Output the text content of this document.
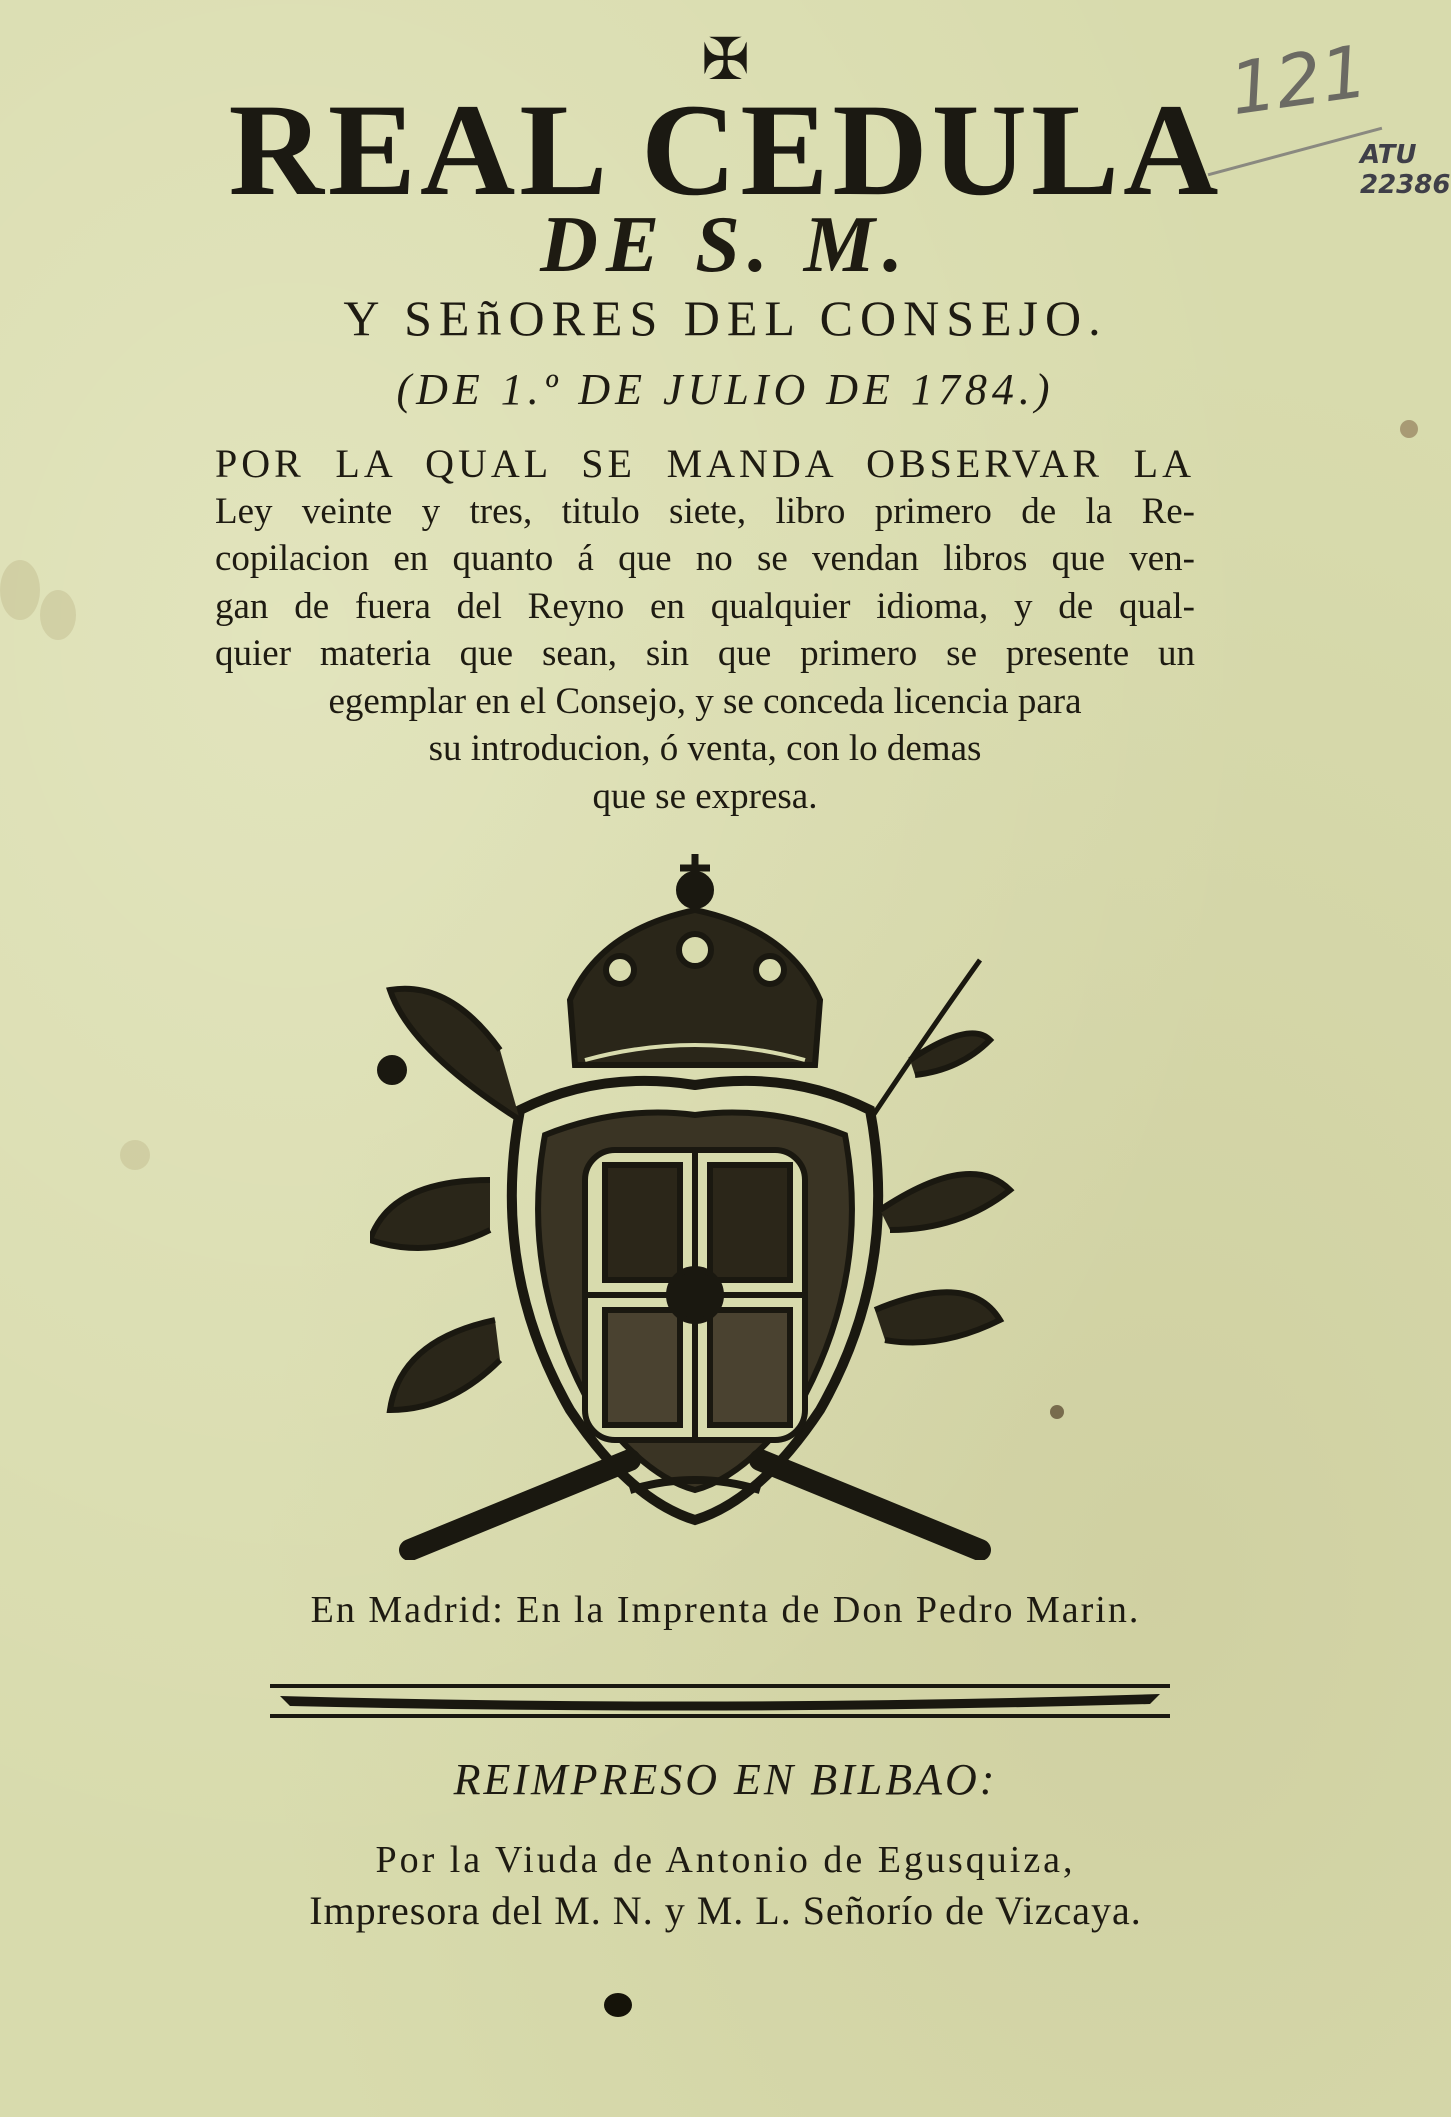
121
ATU
22386
✠
REAL CEDULA
DE S. M.
Y SEñORES DEL CONSEJO.
(DE 1.º DE JULIO DE 1784.)
POR LA QUAL SE MANDA OBSERVAR LA
Ley veinte y tres, titulo siete, libro primero de la Re-
copilacion en quanto á que no se vendan libros que ven-
gan de fuera del Reyno en qualquier idioma, y de qual-
quier materia que sean, sin que primero se presente un
egemplar en el Consejo, y se conceda licencia para
su introducion, ó venta, con lo demas
que se expresa.
En Madrid: En la Imprenta de Don Pedro Marin.
REIMPRESO EN BILBAO:
Por la Viuda de Antonio de Egusquiza,
Impresora del M. N. y M. L. Señorío de Vizcaya.
